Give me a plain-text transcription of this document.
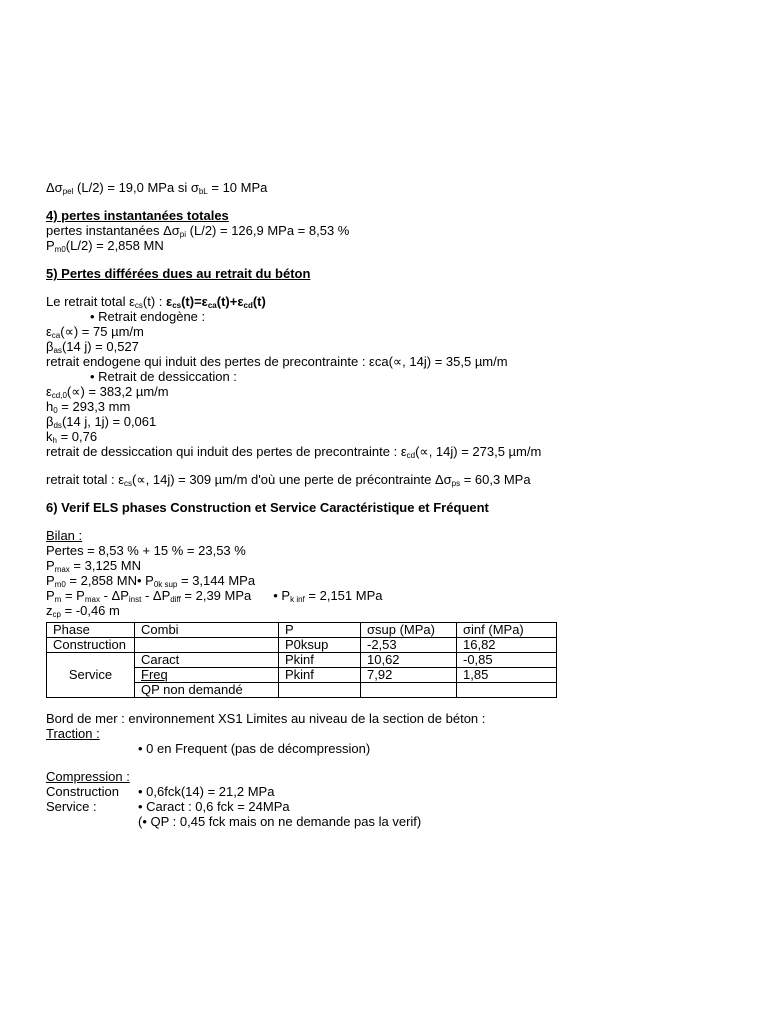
$\Delta\sigma_{pel}$ (L/2) = 19,0 MPa si $\sigma_{bL} = 10$ MPa
4) pertes instantanées totales
pertes instantanées $\Delta\sigma_{pi}$ (L/2) = 126,9 MPa = 8,53 %
$P_{m0}(L/2) = 2,858$ MN
5) Pertes différées dues au retrait du béton
Le retrait total $\varepsilon_{cs}(t)$ : $\varepsilon_{cs}(t)=\varepsilon_{ca}(t)+\varepsilon_{cd}(t)$
• Retrait endogène :
$\varepsilon_{ca}(\propto) = 75$ µm/m
$\beta_{as}(14$ j) = 0,527
retrait endogene qui induit des pertes de precontrainte : εca(∝, 14j) = 35,5 µm/m
• Retrait de dessiccation :
$\varepsilon_{cd,0}(\propto) = 383,2$ µm/m
$h_0 = 293,3$ mm
$\beta_{ds}(14$ j, 1j) = 0,061
$k_h = 0,76$
retrait de dessiccation qui induit des pertes de precontrainte : $\varepsilon_{cd}(\propto$, 14j) = 273,5 µm/m
retrait total : $\varepsilon_{cs}(\propto$, 14j) = 309 µm/m d'où une perte de précontrainte $\Delta\sigma_{ps} = 60,3$ MPa
6) Verif ELS phases Construction et Service Caractéristique et Fréquent
Bilan :
Pertes = 8,53 % + 15 % = 23,53 %
$P_{max} = 3,125$ MN
$P_{m0} = 2,858$ MN• $P_{0k sup} = 3,144$ MPa
$P_m = P_{max} - \Delta P_{inst} - \Delta P_{diff} = 2,39$ MPa • $P_{k inf} = 2,151$ MPa
$z_{cp} = -0,46$ m
Phase	Combi	P	σsup (MPa)	σinf (MPa)
Construction		P0ksup	-2,53	16,82
Service	Caract	Pkinf	10,62	-0,85
	Freq	Pkinf	7,92	1,85
	QP non demandé			
Bord de mer : environnement XS1 Limites au niveau de la section de béton :
Traction :
• 0 en Frequent (pas de décompression)
Compression :
Construction	• 0,6fck(14) = 21,2 MPa
Service :	• Caract : 0,6 fck = 24MPa
(• QP : 0,45 fck mais on ne demande pas la verif)
